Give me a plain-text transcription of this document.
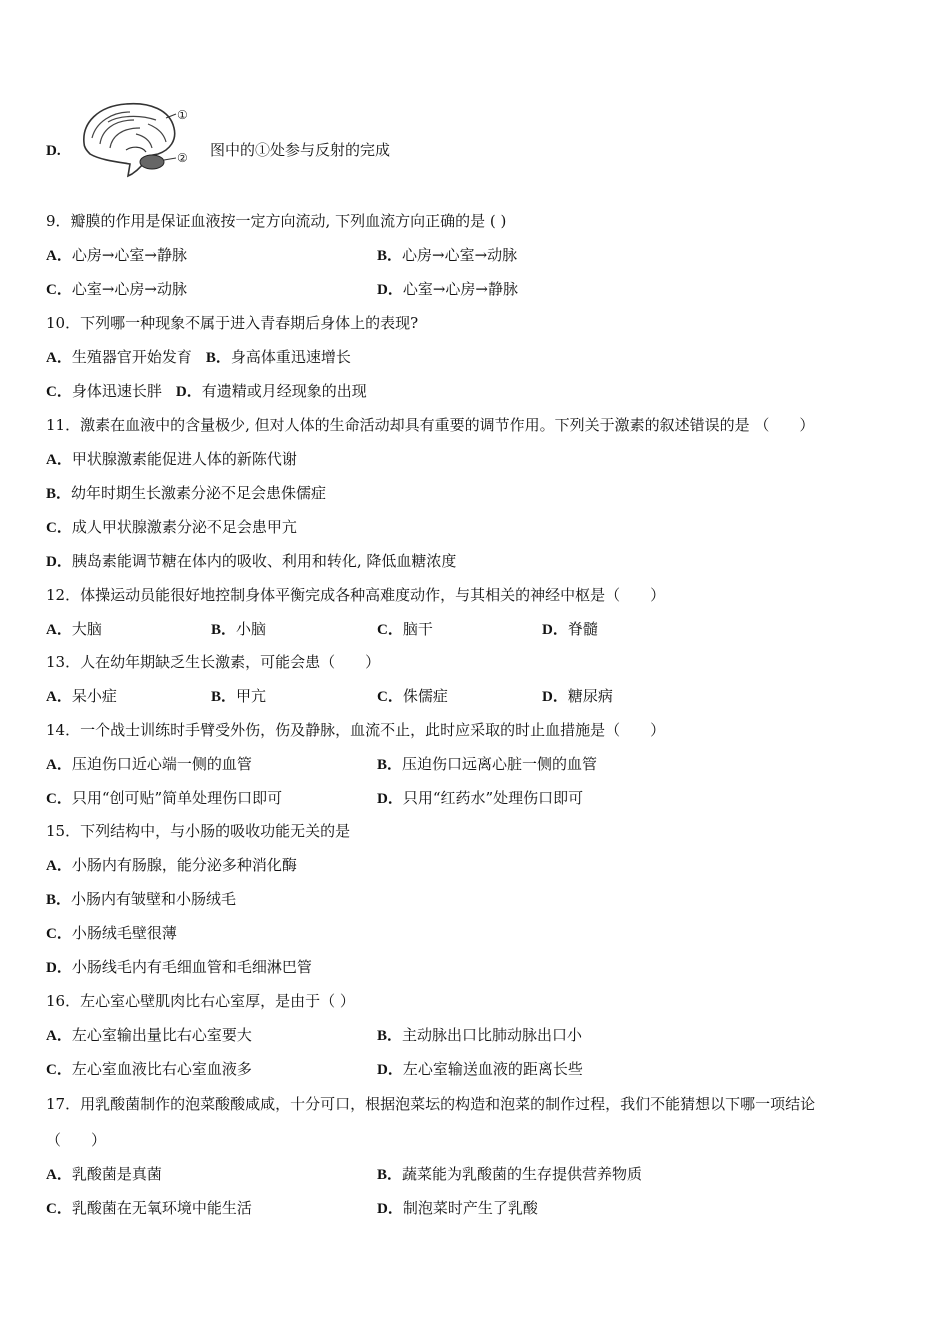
D.
①
② 图中的①处参与反射的完成
9．瓣膜的作用是保证血液按一定方向流动, 下列血流方向正确的是 ( )
A．心房→心室→静脉	B．心房→心室→动脉
C．心室→心房→动脉	D．心室→心房→静脉
10．下列哪一种现象不属于进入青春期后身体上的表现?
A．生殖器官开始发育 B．身高体重迅速增长
C．身体迅速长胖 D．有遗精或月经现象的出现
11．激素在血液中的含量极少, 但对人体的生命活动却具有重要的调节作用。下列关于激素的叙述错误的是 （　　）
A．甲状腺激素能促进人体的新陈代谢
B．幼年时期生长激素分泌不足会患侏儒症
C．成人甲状腺激素分泌不足会患甲亢
D．胰岛素能调节糖在体内的吸收、利用和转化, 降低血糖浓度
12．体操运动员能很好地控制身体平衡完成各种高难度动作，与其相关的神经中枢是（　　）
A．大脑	B．小脑	C．脑干	D．脊髓
13．人在幼年期缺乏生长激素，可能会患（　　）
A．呆小症	B．甲亢	C．侏儒症	D．糖尿病
14．一个战士训练时手臂受外伤，伤及静脉，血流不止，此时应采取的时止血措施是（　　）
A．压迫伤口近心端一侧的血管	B．压迫伤口远离心脏一侧的血管
C．只用“创可贴”简单处理伤口即可	D．只用“红药水”处理伤口即可
15．下列结构中，与小肠的吸收功能无关的是
A．小肠内有肠腺，能分泌多种消化酶
B．小肠内有皱壁和小肠绒毛
C．小肠绒毛壁很薄
D．小肠线毛内有毛细血管和毛细淋巴管
16．左心室心壁肌肉比右心室厚，是由于（ ）
A．左心室输出量比右心室要大	B．主动脉出口比肺动脉出口小
C．左心室血液比右心室血液多	D．左心室输送血液的距离长些
17．用乳酸菌制作的泡菜酸酸咸咸，十分可口，根据泡菜坛的构造和泡菜的制作过程，我们不能猜想以下哪一项结论
（　　）
A．乳酸菌是真菌	B．蔬菜能为乳酸菌的生存提供营养物质
C．乳酸菌在无氧环境中能生活	D．制泡菜时产生了乳酸
